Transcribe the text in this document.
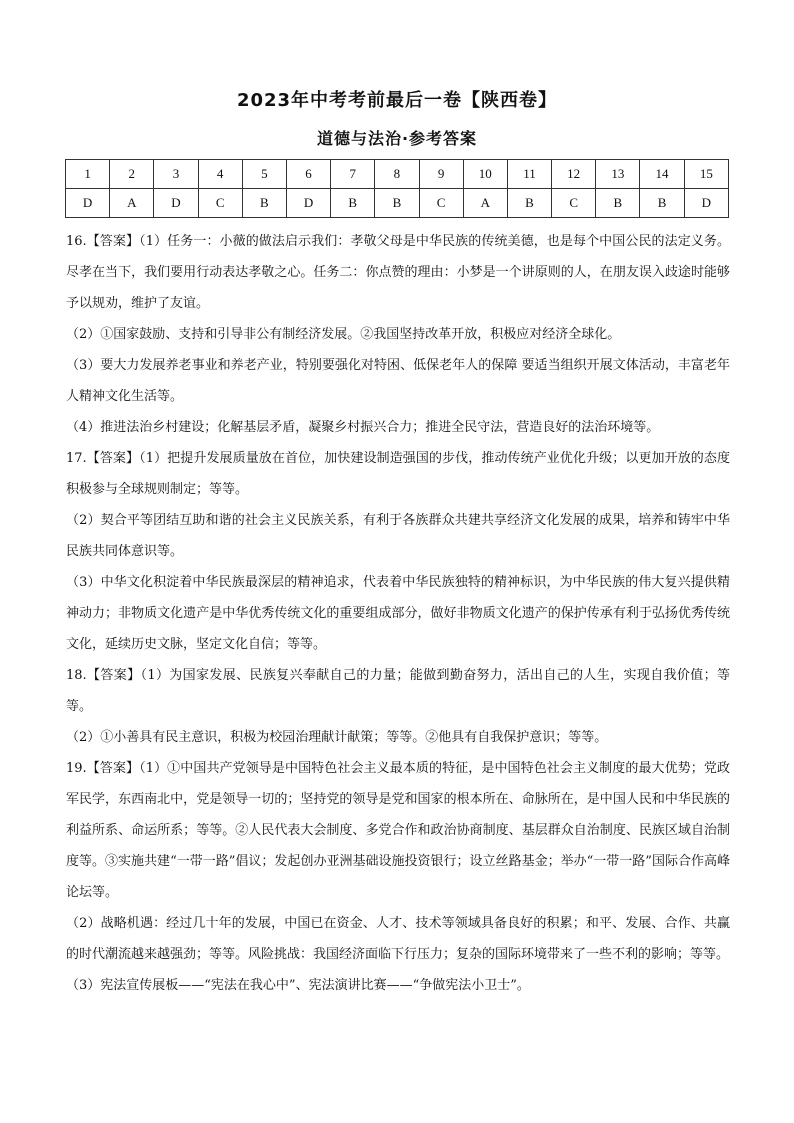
2023年中考考前最后一卷【陕西卷】
道德与法治·参考答案
1	2	3	4	5	6	7	8	9	10	11	12	13	14	15
D	A	D	C	B	D	B	B	C	A	B	C	B	B	D

16.【答案】（1）任务一：小薇的做法启示我们：孝敬父母是中华民族的传统美德，也是每个中国公民的法定义务。尽孝在当下，我们要用行动表达孝敬之心。任务二：你点赞的理由：小梦是一个讲原则的人，在朋友误入歧途时能够予以规劝，维护了友谊。

（2）①国家鼓励、支持和引导非公有制经济发展。②我国坚持改革开放，积极应对经济全球化。

（3）要大力发展养老事业和养老产业，特别要强化对特困、低保老年人的保障 要适当组织开展文体活动，丰富老年人精神文化生活等。

（4）推进法治乡村建设；化解基层矛盾，凝聚乡村振兴合力；推进全民守法，营造良好的法治环境等。

17.【答案】（1）把提升发展质量放在首位，加快建设制造强国的步伐，推动传统产业优化升级；以更加开放的态度积极参与全球规则制定；等等。

（2）契合平等团结互助和谐的社会主义民族关系，有利于各族群众共建共享经济文化发展的成果，培养和铸牢中华民族共同体意识等。

（3）中华文化积淀着中华民族最深层的精神追求，代表着中华民族独特的精神标识，为中华民族的伟大复兴提供精神动力；非物质文化遗产是中华优秀传统文化的重要组成部分，做好非物质文化遗产的保护传承有利于弘扬优秀传统文化，延续历史文脉，坚定文化自信；等等。

18.【答案】（1）为国家发展、民族复兴奉献自己的力量；能做到勤奋努力，活出自己的人生，实现自我价值；等等。

（2）①小善具有民主意识，积极为校园治理献计献策；等等。②他具有自我保护意识；等等。

19.【答案】（1）①中国共产党领导是中国特色社会主义最本质的特征，是中国特色社会主义制度的最大优势；党政军民学，东西南北中，党是领导一切的；坚持党的领导是党和国家的根本所在、命脉所在，是中国人民和中华民族的利益所系、命运所系；等等。②人民代表大会制度、多党合作和政治协商制度、基层群众自治制度、民族区域自治制度等。③实施共建“一带一路”倡议；发起创办亚洲基础设施投资银行；设立丝路基金；举办“一带一路”国际合作高峰论坛等。

（2）战略机遇：经过几十年的发展，中国已在资金、人才、技术等领域具备良好的积累；和平、发展、合作、共赢的时代潮流越来越强劲；等等。风险挑战：我国经济面临下行压力；复杂的国际环境带来了一些不利的影响；等等。

（3）宪法宣传展板——“宪法在我心中”、宪法演讲比赛——“争做宪法小卫士”。
